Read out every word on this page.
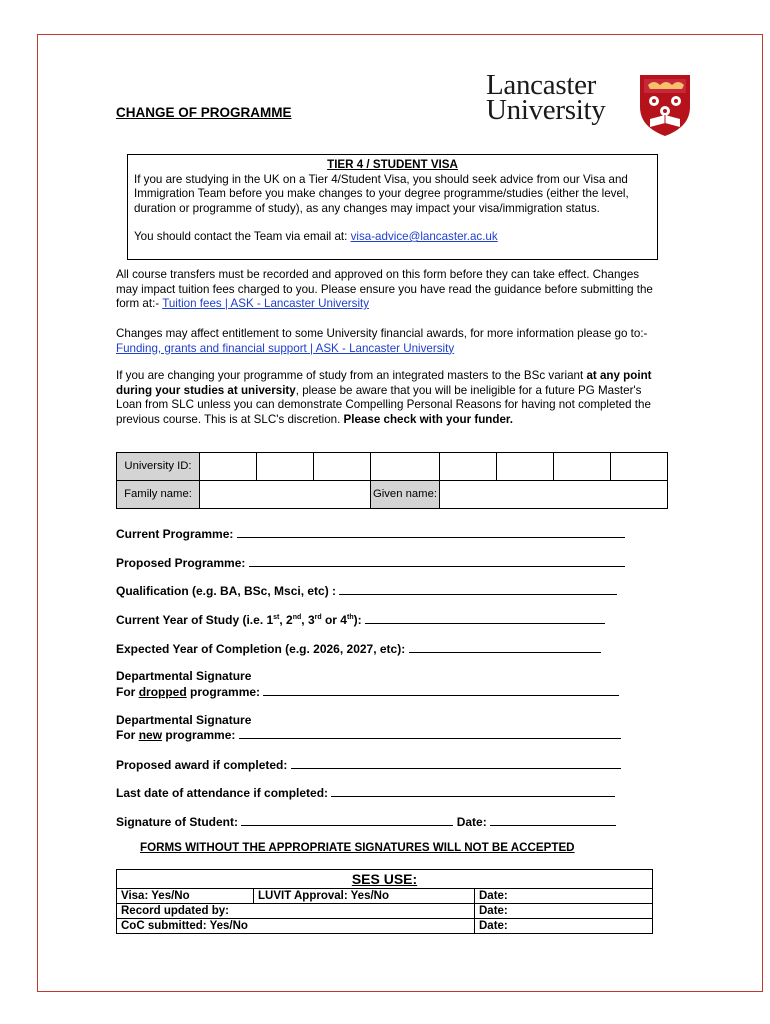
CHANGE OF PROGRAMME
Lancaster
University
TIER 4 / STUDENT VISA
If you are studying in the UK on a Tier 4/Student Visa, you should seek advice from our Visa and Immigration Team before you make changes to your degree programme/studies (either the level, duration or programme of study), as any changes may impact your visa/immigration status.
You should contact the Team via email at: visa-advice@lancaster.ac.uk
All course transfers must be recorded and approved on this form before they can take effect. Changes may impact tuition fees charged to you. Please ensure you have read the guidance before submitting the form at:- Tuition fees | ASK - Lancaster University
Changes may affect entitlement to some University financial awards, for more information please go to:- Funding, grants and financial support | ASK - Lancaster University
If you are changing your programme of study from an integrated masters to the BSc variant at any point during your studies at university, please be aware that you will be ineligible for a future PG Master's Loan from SLC unless you can demonstrate Compelling Personal Reasons for having not completed the previous course. This is at SLC's discretion. Please check with your funder.
University ID:								
Family name:				Given name:				
Current Programme:
Proposed Programme:
Qualification (e.g. BA, BSc, Msci, etc) :
Current Year of Study (i.e. 1st, 2nd, 3rd or 4th):
Expected Year of Completion (e.g. 2026, 2027, etc):
Departmental Signature
For dropped programme:
Departmental Signature
For new programme:
Proposed award if completed:
Last date of attendance if completed:
Signature of Student:	Date:
FORMS WITHOUT THE APPROPRIATE SIGNATURES WILL NOT BE ACCEPTED
SES USE:		
Visa: Yes/No	LUVIT Approval: Yes/No	Date:
Record updated by:		Date:
CoC submitted: Yes/No		Date:
